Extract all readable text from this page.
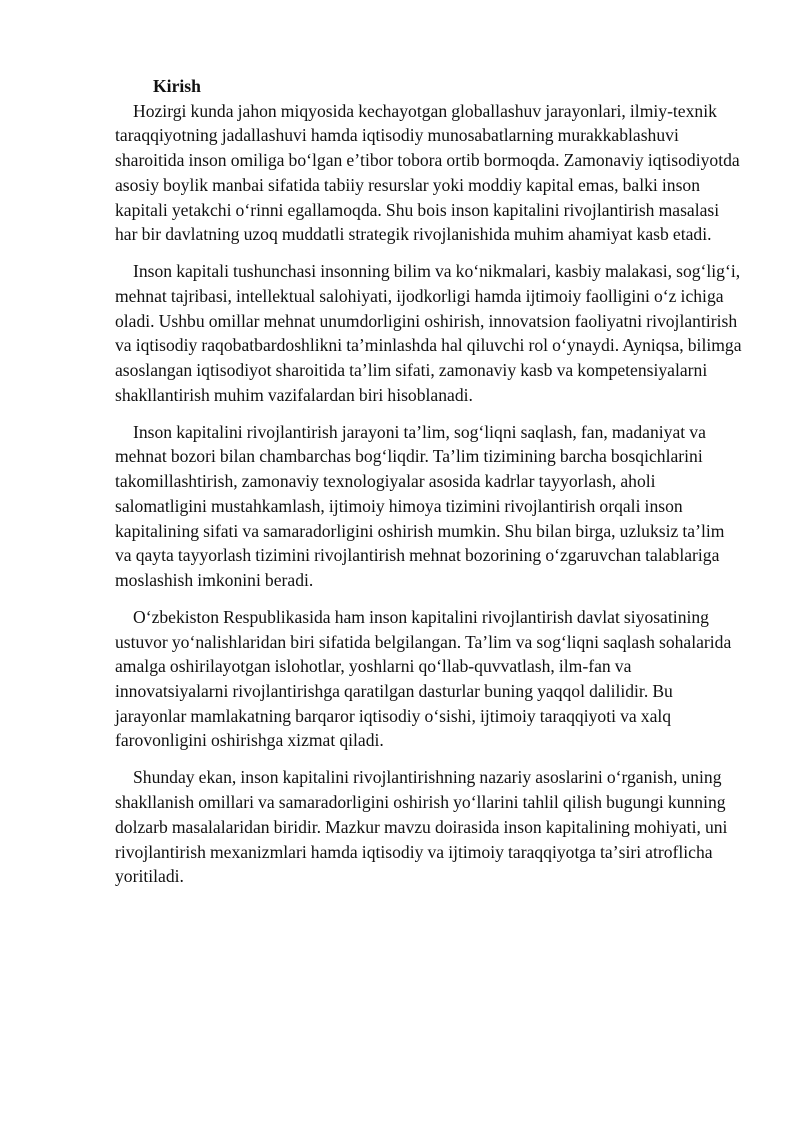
Kirish

Hozirgi kunda jahon miqyosida kechayotgan globallashuv jarayonlari, ilmiy-texnik taraqqiyotning jadallashuvi hamda iqtisodiy munosabatlarning murakkablashuvi sharoitida inson omiliga boʻlgan eʼtibor tobora ortib bormoqda. Zamonaviy iqtisodiyotda asosiy boylik manbai sifatida tabiiy resurslar yoki moddiy kapital emas, balki inson kapitali yetakchi oʻrinni egallamoqda. Shu bois inson kapitalini rivojlantirish masalasi har bir davlatning uzoq muddatli strategik rivojlanishida muhim ahamiyat kasb etadi.

Inson kapitali tushunchasi insonning bilim va koʻnikmalari, kasbiy malakasi, sogʻligʻi, mehnat tajribasi, intellektual salohiyati, ijodkorligi hamda ijtimoiy faolligini oʻz ichiga oladi. Ushbu omillar mehnat unumdorligini oshirish, innovatsion faoliyatni rivojlantirish va iqtisodiy raqobatbardoshlikni taʼminlashda hal qiluvchi rol oʻynaydi. Ayniqsa, bilimga asoslangan iqtisodiyot sharoitida taʼlim sifati, zamonaviy kasb va kompetensiyalarni shakllantirish muhim vazifalardan biri hisoblanadi.

Inson kapitalini rivojlantirish jarayoni taʼlim, sogʻliqni saqlash, fan, madaniyat va mehnat bozori bilan chambarchas bogʻliqdir. Taʼlim tizimining barcha bosqichlarini takomillashtirish, zamonaviy texnologiyalar asosida kadrlar tayyorlash, aholi salomatligini mustahkamlash, ijtimoiy himoya tizimini rivojlantirish orqali inson kapitalining sifati va samaradorligini oshirish mumkin. Shu bilan birga, uzluksiz taʼlim va qayta tayyorlash tizimini rivojlantirish mehnat bozorining oʻzgaruvchan talablariga moslashish imkonini beradi.

Oʻzbekiston Respublikasida ham inson kapitalini rivojlantirish davlat siyosatining ustuvor yoʻnalishlaridan biri sifatida belgilangan. Taʼlim va sogʻliqni saqlash sohalarida amalga oshirilayotgan islohotlar, yoshlarni qoʻllab-quvvatlash, ilm-fan va innovatsiyalarni rivojlantirishga qaratilgan dasturlar buning yaqqol dalilidir. Bu jarayonlar mamlakatning barqaror iqtisodiy oʻsishi, ijtimoiy taraqqiyoti va xalq farovonligini oshirishga xizmat qiladi.

Shunday ekan, inson kapitalini rivojlantirishning nazariy asoslarini oʻrganish, uning shakllanish omillari va samaradorligini oshirish yoʻllarini tahlil qilish bugungi kunning dolzarb masalalaridan biridir. Mazkur mavzu doirasida inson kapitalining mohiyati, uni rivojlantirish mexanizmlari hamda iqtisodiy va ijtimoiy taraqqiyotga taʼsiri atroflicha yoritiladi.
